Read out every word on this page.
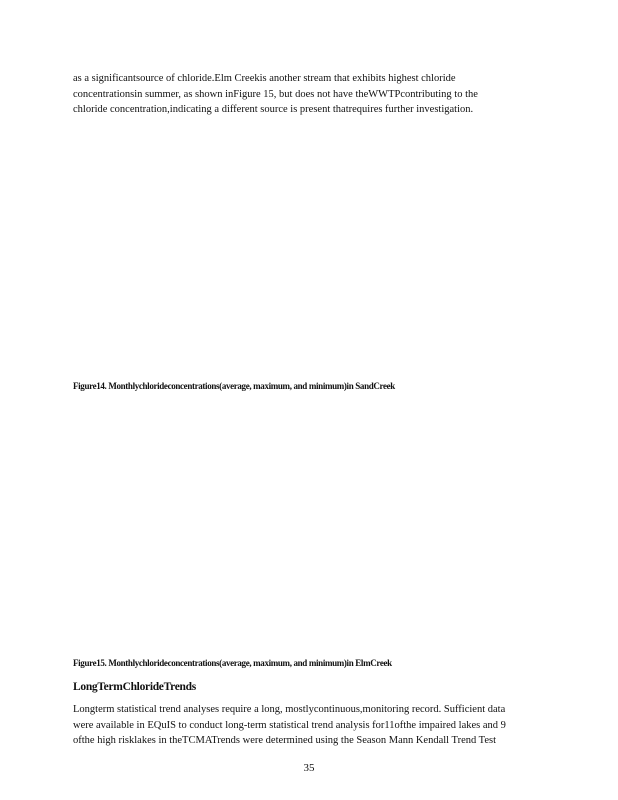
as a significantsource of chloride.Elm Creekis another stream that exhibits highest chloride
concentrationsin summer, as shown inFigure 15, but does not have theWWTPcontributing to the
chloride concentration,indicating a different source is present thatrequires further investigation.
Figure14. Monthlychlorideconcentrations(average, maximum, and minimum)in SandCreek
Figure15. Monthlychlorideconcentrations(average, maximum, and minimum)in ElmCreek
LongTermChlorideTrends
Longterm statistical trend analyses require a long, mostlycontinuous,monitoring record. Sufficient data
were available in EQuIS to conduct long-term statistical trend analysis for11ofthe impaired lakes and 9
ofthe high risklakes in theTCMATrends were determined using the Season Mann Kendall Trend Test
35
